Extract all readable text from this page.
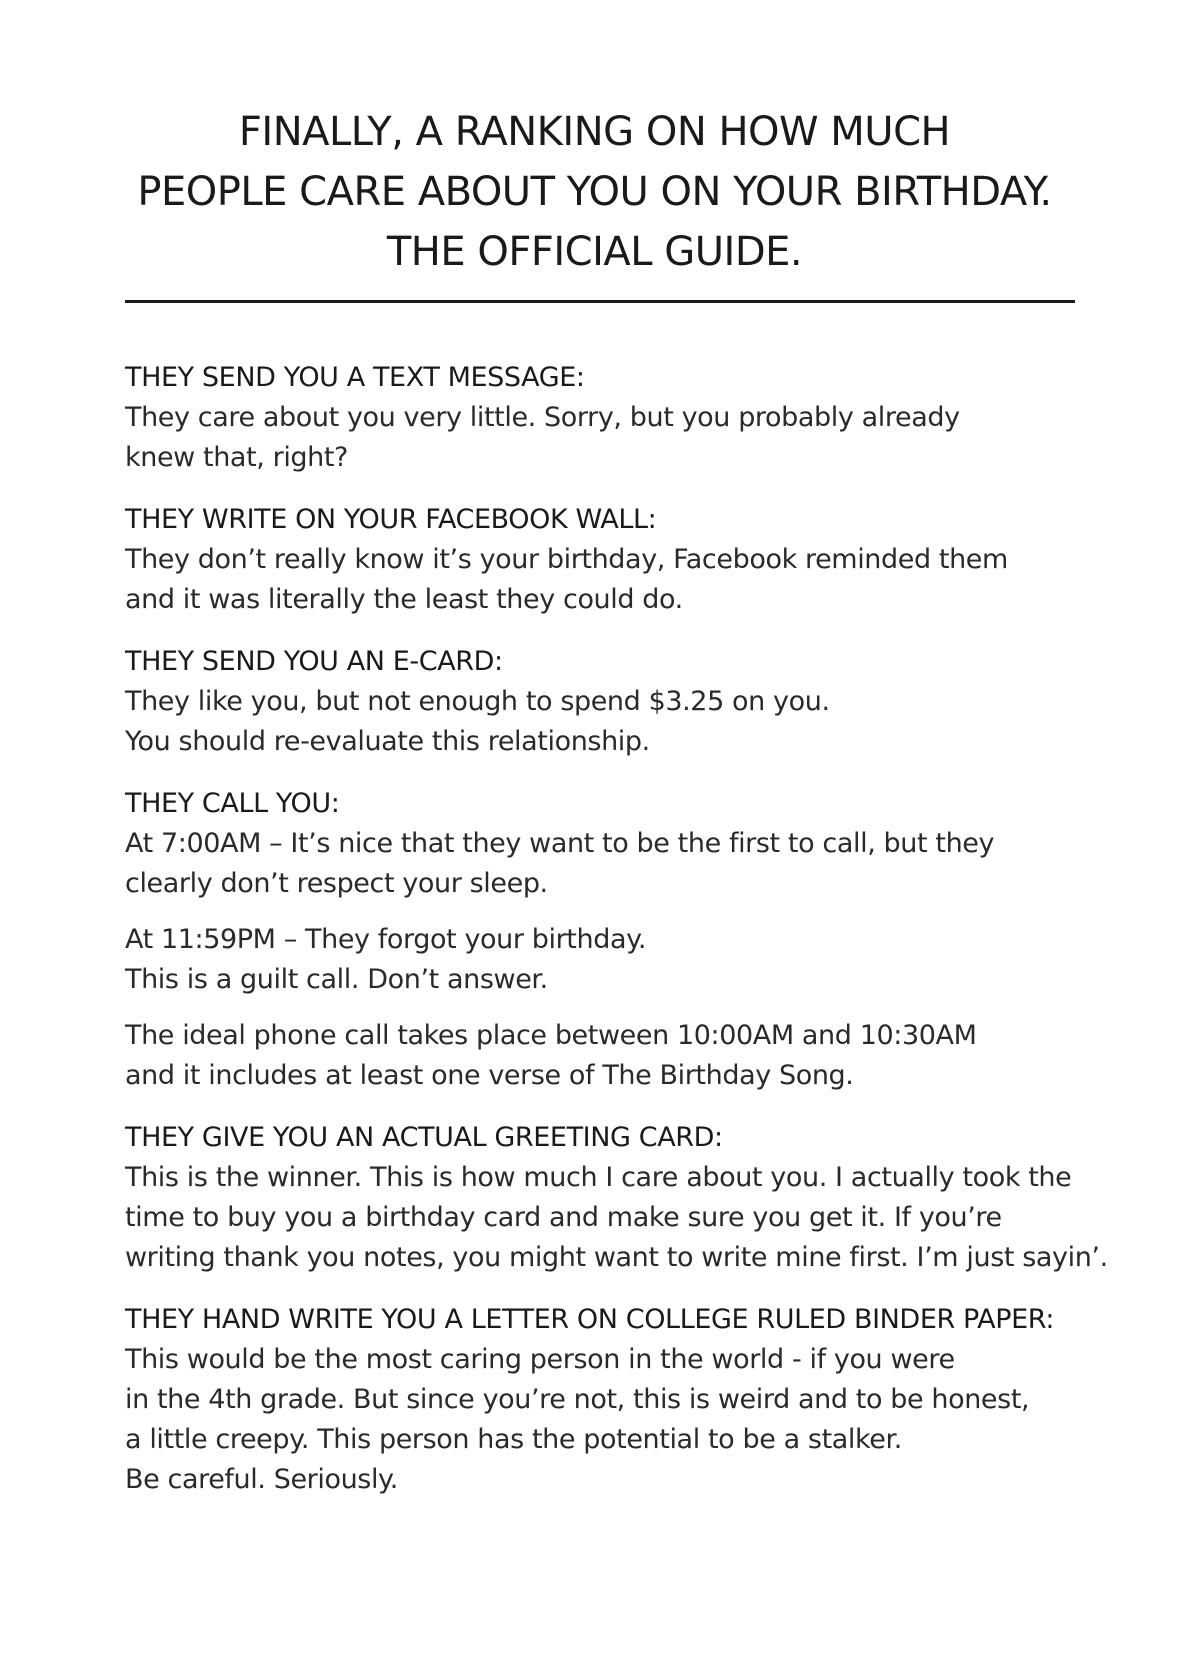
FINALLY, A RANKING ON HOW MUCH
PEOPLE CARE ABOUT YOU ON YOUR BIRTHDAY.
THE OFFICIAL GUIDE.
THEY SEND YOU A TEXT MESSAGE:
They care about you very little. Sorry, but you probably already
knew that, right?
THEY WRITE ON YOUR FACEBOOK WALL:
They don’t really know it’s your birthday, Facebook reminded them
and it was literally the least they could do.
THEY SEND YOU AN E-CARD:
They like you, but not enough to spend $3.25 on you.
You should re-evaluate this relationship.
THEY CALL YOU:
At 7:00AM – It’s nice that they want to be the first to call, but they
clearly don’t respect your sleep.
At 11:59PM – They forgot your birthday.
This is a guilt call. Don’t answer.
The ideal phone call takes place between 10:00AM and 10:30AM
and it includes at least one verse of The Birthday Song.
THEY GIVE YOU AN ACTUAL GREETING CARD:
This is the winner. This is how much I care about you. I actually took the
time to buy you a birthday card and make sure you get it. If you’re
writing thank you notes, you might want to write mine first. I’m just sayin’.
THEY HAND WRITE YOU A LETTER ON COLLEGE RULED BINDER PAPER:
This would be the most caring person in the world - if you were
in the 4th grade. But since you’re not, this is weird and to be honest,
a little creepy. This person has the potential to be a stalker.
Be careful. Seriously.
